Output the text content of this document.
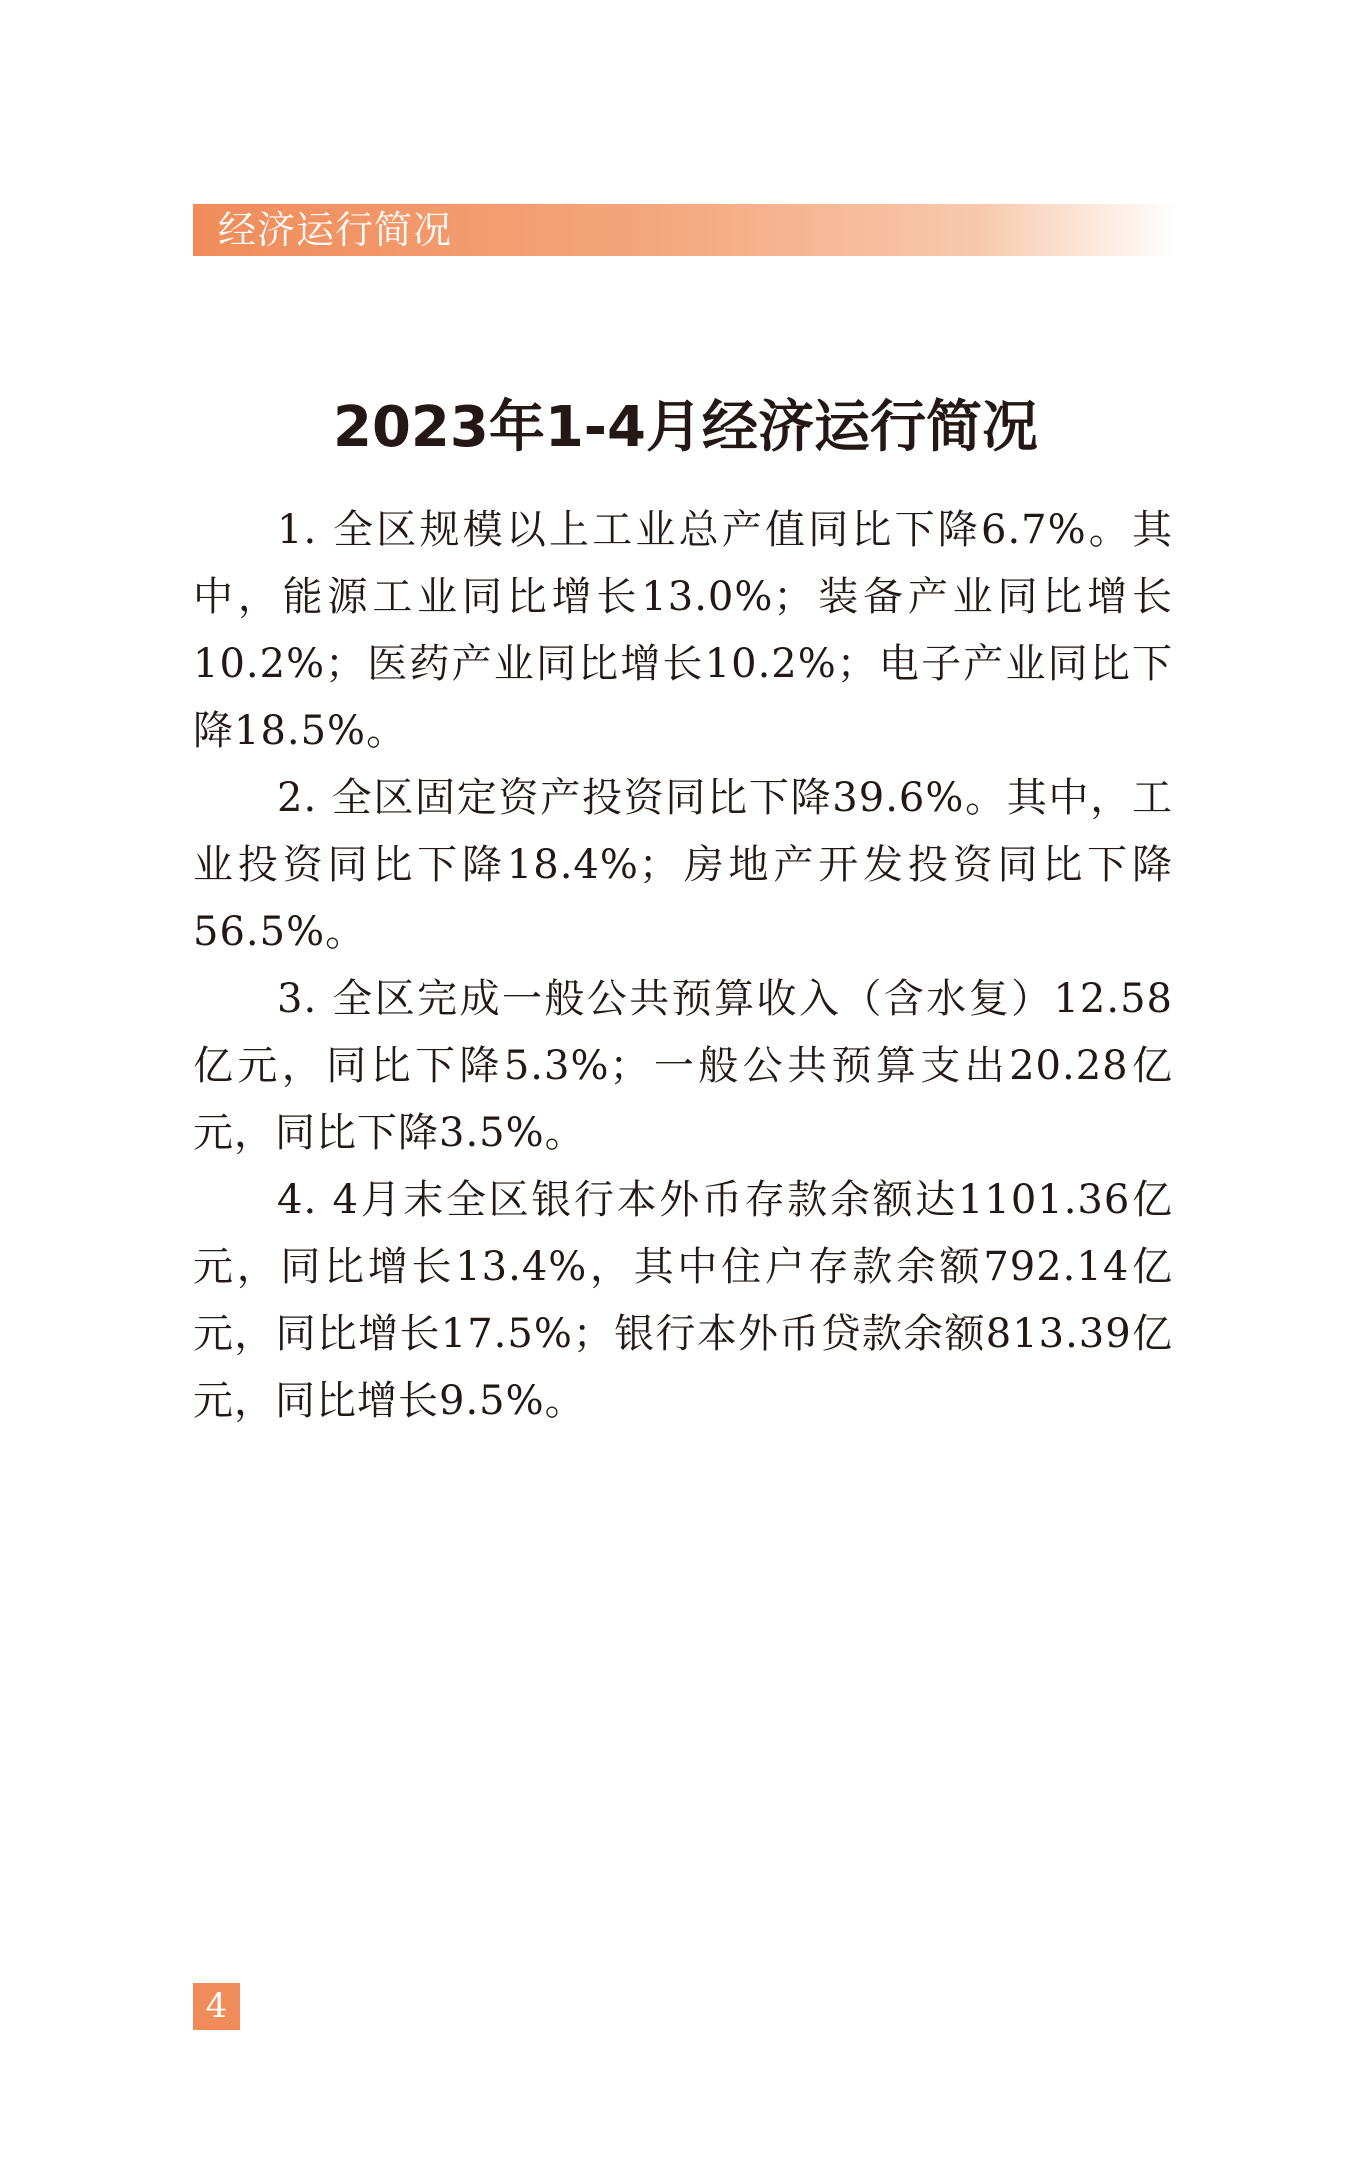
经济运行简况
2023年1-4月经济运行简况

1. 全区规模以上工业总产值同比下降6.7%。其中，能源工业同比增长13.0%；装备产业同比增长10.2%；医药产业同比增长10.2%；电子产业同比下降18.5%。

2. 全区固定资产投资同比下降39.6%。其中，工业投资同比下降18.4%；房地产开发投资同比下降56.5%。

3. 全区完成一般公共预算收入（含水复）12.58亿元，同比下降5.3%；一般公共预算支出20.28亿元，同比下降3.5%。

4. 4月末全区银行本外币存款余额达1101.36亿元，同比增长13.4%，其中住户存款余额792.14亿元，同比增长17.5%；银行本外币贷款余额813.39亿元，同比增长9.5%。

4
